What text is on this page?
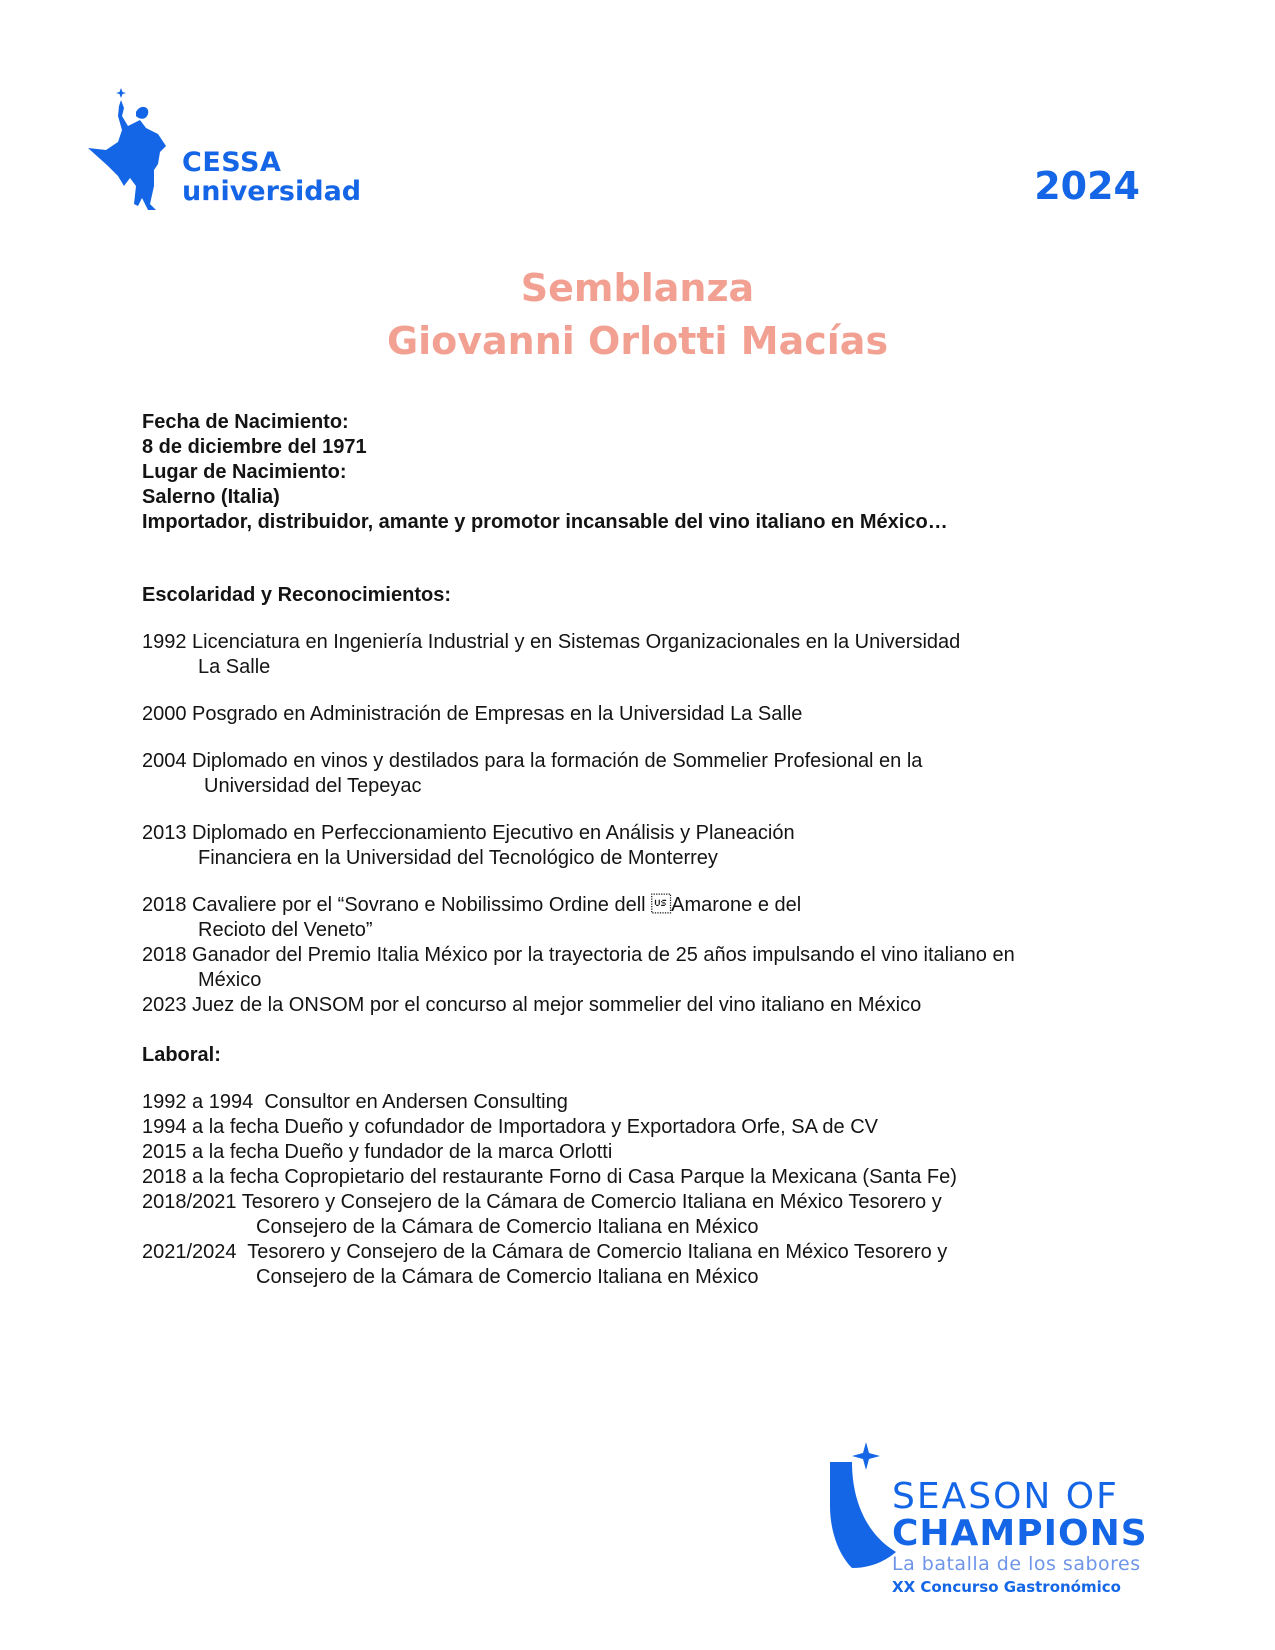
CESSA
universidad	2024
Semblanza
Giovanni Orlotti Macías
Fecha de Nacimiento:
8 de diciembre del 1971
Lugar de Nacimiento:
Salerno (Italia)
Importador, distribuidor, amante y promotor incansable del vino italiano en México…
Escolaridad y Reconocimientos:
1992 Licenciatura en Ingeniería Industrial y en Sistemas Organizacionales en la Universidad
La Salle
2000 Posgrado en Administración de Empresas en la Universidad La Salle
2004 Diplomado en vinos y destilados para la formación de Sommelier Profesional en la
Universidad del Tepeyac
2013 Diplomado en Perfeccionamiento Ejecutivo en Análisis y Planeación
Financiera en la Universidad del Tecnológico de Monterrey
2018 Cavaliere por el “Sovrano e Nobilissimo Ordine dell Amarone e del
Recioto del Veneto”
2018 Ganador del Premio Italia México por la trayectoria de 25 años impulsando el vino italiano en
México
2023 Juez de la ONSOM por el concurso al mejor sommelier del vino italiano en México
Laboral:
1992 a 1994  Consultor en Andersen Consulting
1994 a la fecha Dueño y cofundador de Importadora y Exportadora Orfe, SA de CV
2015 a la fecha Dueño y fundador de la marca Orlotti
2018 a la fecha Copropietario del restaurante Forno di Casa Parque la Mexicana (Santa Fe)
2018/2021 Tesorero y Consejero de la Cámara de Comercio Italiana en México Tesorero y
Consejero de la Cámara de Comercio Italiana en México
2021/2024  Tesorero y Consejero de la Cámara de Comercio Italiana en México Tesorero y
Consejero de la Cámara de Comercio Italiana en México
SEASON OF
CHAMPIONS
La batalla de los sabores
XX Concurso Gastronómico
